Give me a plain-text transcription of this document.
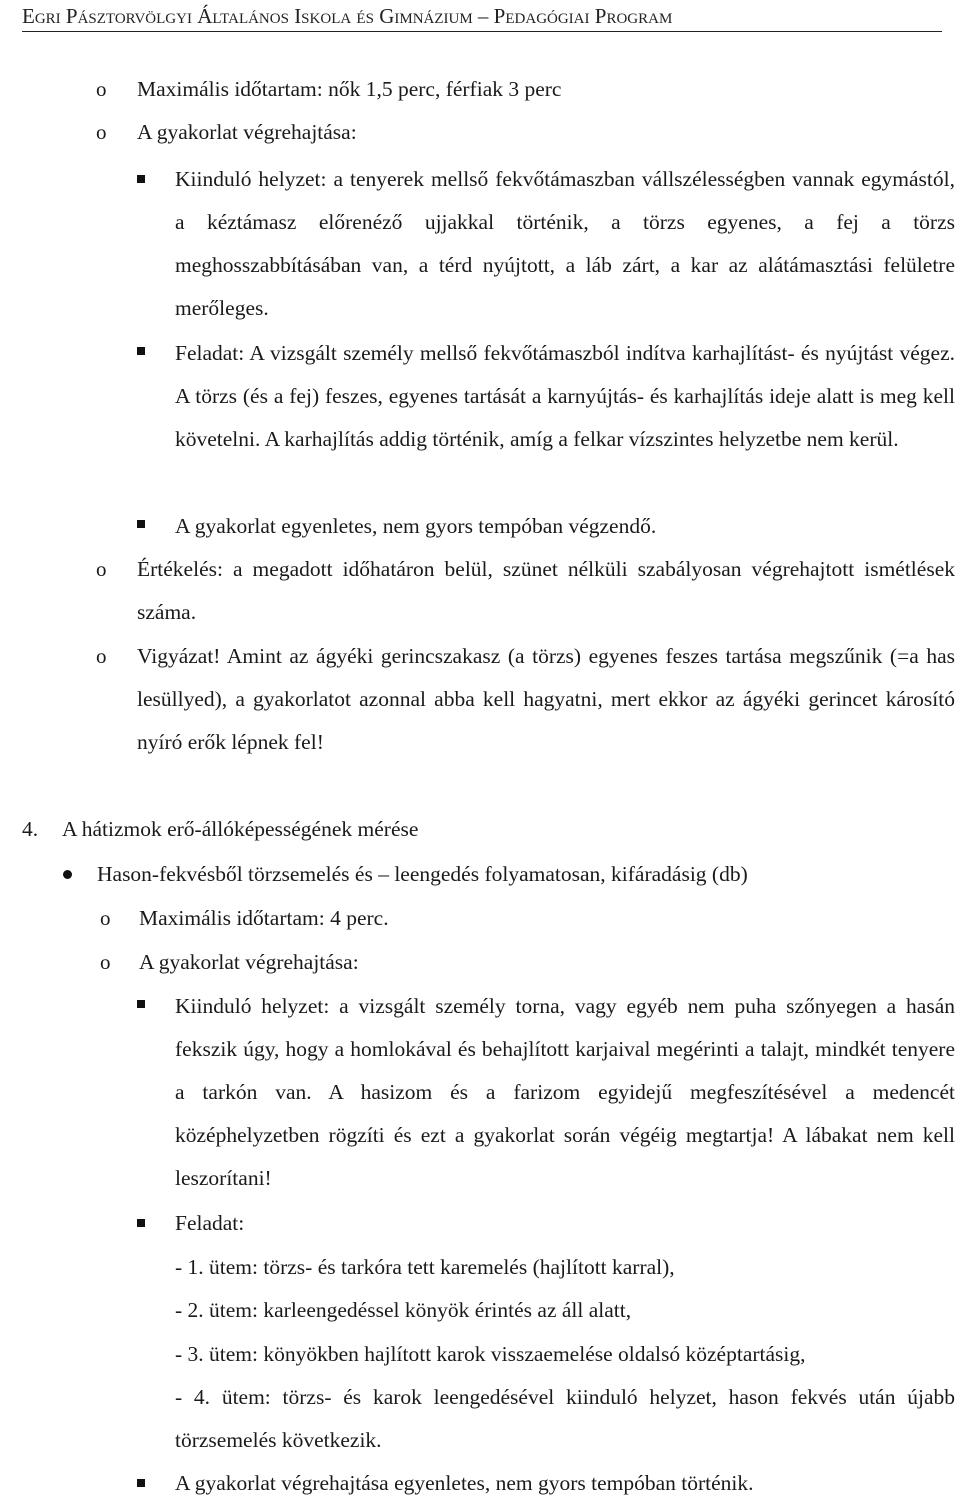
Egri Pásztorvölgyi Általános Iskola és Gimnázium – Pedagógiai Program
o Maximális időtartam: nők 1,5 perc, férfiak 3 perc
o A gyakorlat végrehajtása:
Kiinduló helyzet: a tenyerek mellső fekvőtámaszban vállszélességben vannak egymástól, a kéztámasz előrenéző ujjakkal történik, a törzs egyenes, a fej a törzs meghosszabbításában van, a térd nyújtott, a láb zárt, a kar az alátámasztási felületre merőleges.
Feladat: A vizsgált személy mellső fekvőtámaszból indítva karhajlítást- és nyújtást végez. A törzs (és a fej) feszes, egyenes tartását a karnyújtás- és karhajlítás ideje alatt is meg kell követelni. A karhajlítás addig történik, amíg a felkar vízszintes helyzetbe nem kerül.
A gyakorlat egyenletes, nem gyors tempóban végzendő.
o Értékelés: a megadott időhatáron belül, szünet nélküli szabályosan végrehajtott ismétlések száma.
o Vigyázat! Amint az ágyéki gerincszakasz (a törzs) egyenes feszes tartása megszűnik (=a has lesüllyed), a gyakorlatot azonnal abba kell hagyatni, mert ekkor az ágyéki gerincet károsító nyíró erők lépnek fel!
4. A hátizmok erő-állóképességének mérése
Hason-fekvésből törzsemelés és – leengedés folyamatosan, kifáradásig (db)
o Maximális időtartam: 4 perc.
o A gyakorlat végrehajtása:
Kiinduló helyzet: a vizsgált személy torna, vagy egyéb nem puha szőnyegen a hasán fekszik úgy, hogy a homlokával és behajlított karjaival megérinti a talajt, mindkét tenyere a tarkón van. A hasizom és a farizom egyidejű megfeszítésével a medencét középhelyzetben rögzíti és ezt a gyakorlat során végéig megtartja! A lábakat nem kell leszorítani!
Feladat:
- 1. ütem: törzs- és tarkóra tett karemelés (hajlított karral),
- 2. ütem: karleengedéssel könyök érintés az áll alatt,
- 3. ütem: könyökben hajlított karok visszaemelése oldalsó középtartásig,
- 4. ütem: törzs- és karok leengedésével kiinduló helyzet, hason fekvés után újabb törzsemelés következik.
A gyakorlat végrehajtása egyenletes, nem gyors tempóban történik.
